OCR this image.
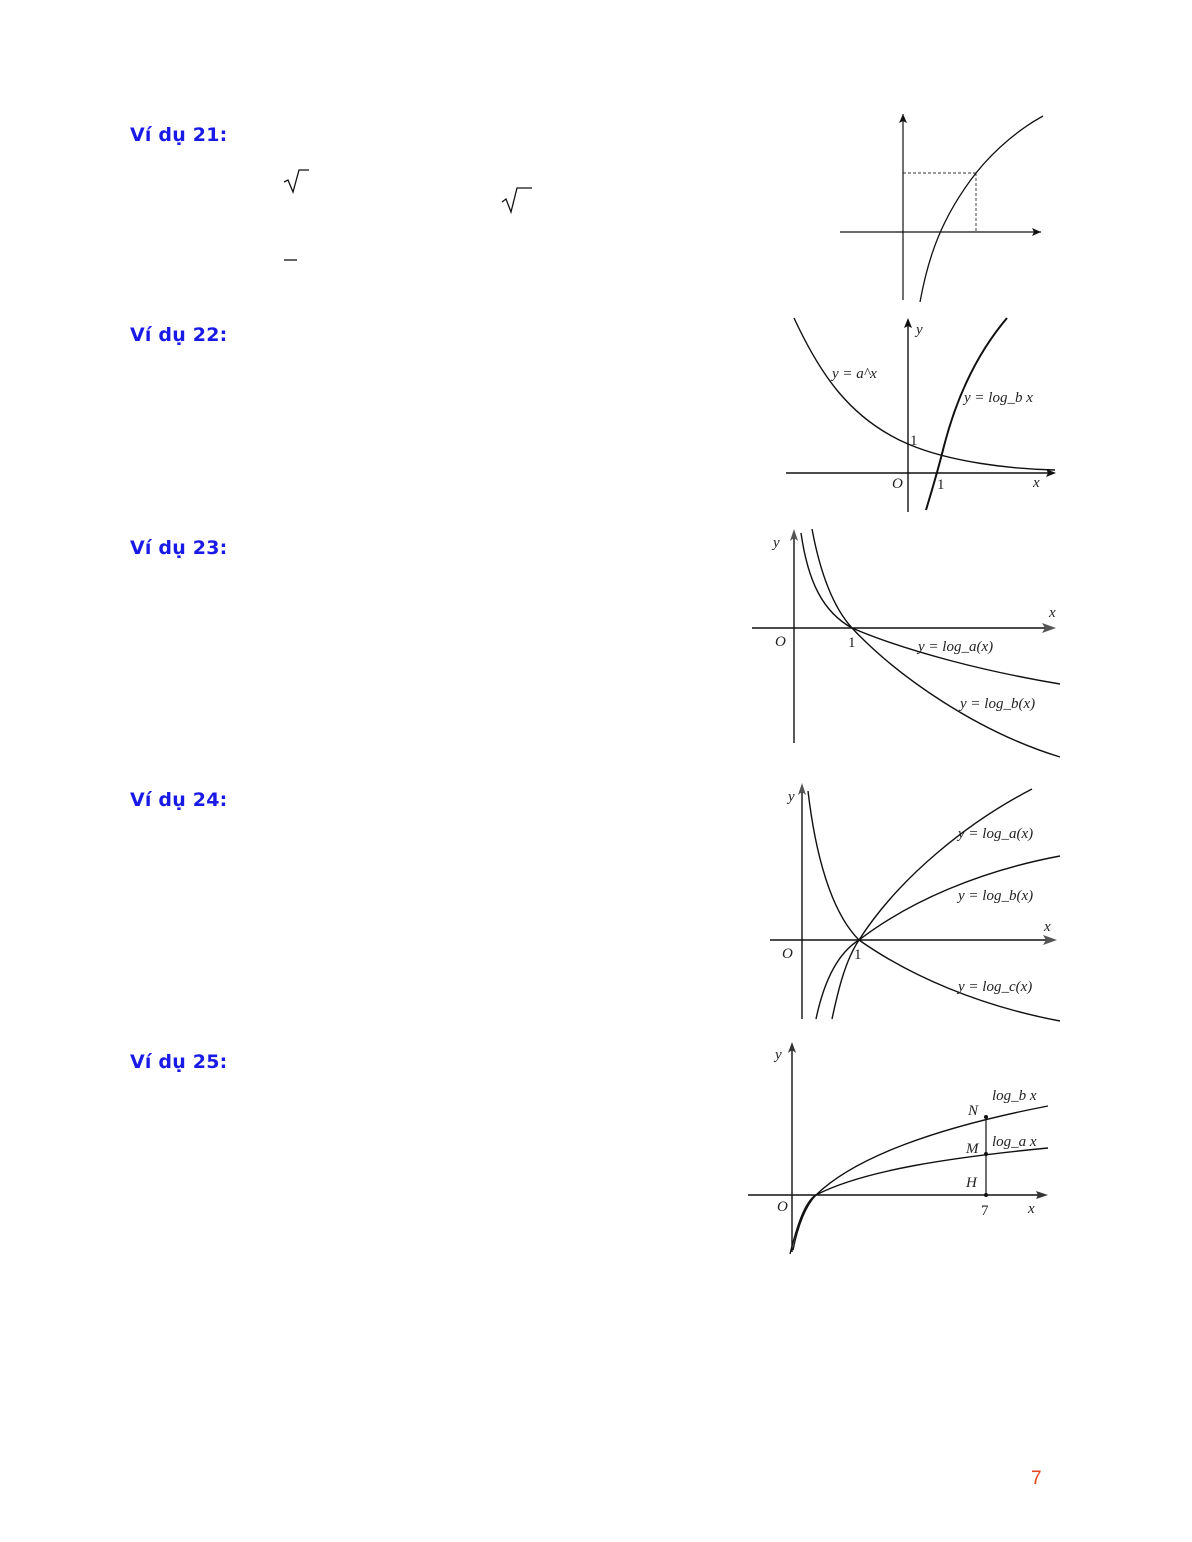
Ví dụ 21:
Ví dụ 22:
Ví dụ 23:
Ví dụ 24:
Ví dụ 25:
y
x
O
1
1
y = a^x
y = log_b x
y
x
O	1	y = log_a(x)
y = log_b(x)
y
x
O	1
y = log_a(x)
y = log_b(x)
y = log_c(x)
y
x
O	7
N
M
H
log_b x
log_a x
7
